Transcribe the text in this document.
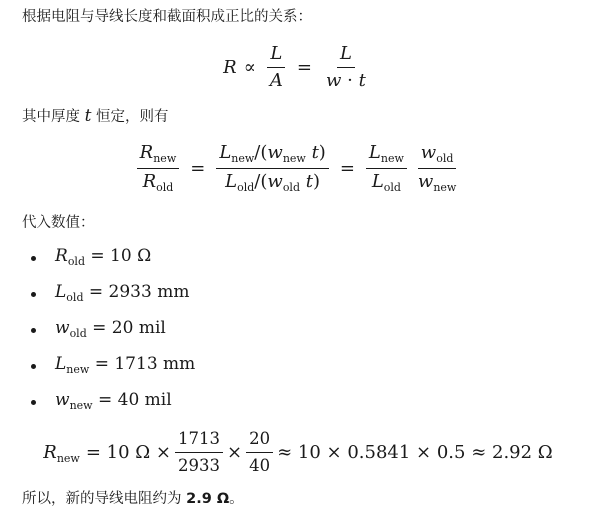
根据电阻与导线长度和截面积成正比的关系：
$R \propto \frac{L}{A} = \frac{L}{w \cdot t}$
其中厚度 t 恒定，则有
$\frac{R_{new}}{R_{old}} = \frac{L_{new}/(w_{new} t)}{L_{old}/(w_{old} t)} = \frac{L_{new}}{L_{old}} \frac{w_{old}}{w_{new}}$
代入数值：
$R_{old} = 10$ Ω
$L_{old} = 2933$ mm
$w_{old} = 20$ mil
$L_{new} = 1713$ mm
$w_{new} = 40$ mil
$R_{new} = 10$ $\Omega \times \frac{1713}{2933} \times \frac{20}{40} \approx 10 \times 0.5841 \times 0.5 \approx 2.92$ Ω
所以，新的导线电阻约为 2.9 Ω。
